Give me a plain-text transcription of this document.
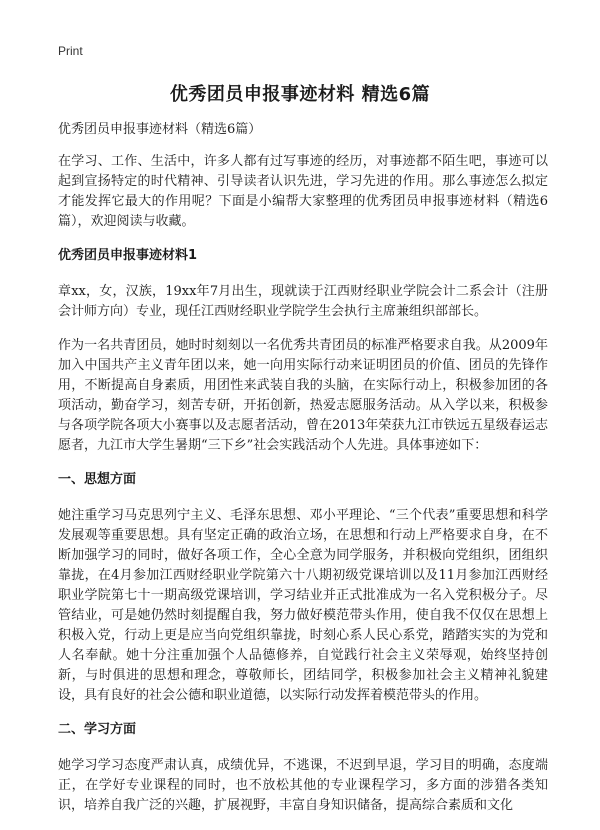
Print
优秀团员申报事迹材料 精选6篇

优秀团员申报事迹材料（精选6篇）

在学习、工作、生活中，许多人都有过写事迹的经历，对事迹都不陌生吧，事迹可以起到宣扬特定的时代精神、引导读者认识先进，学习先进的作用。那么事迹怎么拟定才能发挥它最大的作用呢？下面是小编帮大家整理的优秀团员申报事迹材料（精选6篇），欢迎阅读与收藏。

优秀团员申报事迹材料1

章xx，女，汉族，19xx年7月出生，现就读于江西财经职业学院会计二系会计（注册会计师方向）专业，现任江西财经职业学院学生会执行主席兼组织部部长。

作为一名共青团员，她时时刻刻以一名优秀共青团员的标准严格要求自我。从2009年加入中国共产主义青年团以来，她一向用实际行动来证明团员的价值、团员的先锋作用，不断提高自身素质，用团性来武装自我的头脑，在实际行动上，积极参加团的各项活动，勤奋学习，刻苦专研，开拓创新，热爱志愿服务活动。从入学以来，积极参与各项学院各项大小赛事以及志愿者活动，曾在2013年荣获九江市铁远五星级春运志愿者，九江市大学生暑期“三下乡”社会实践活动个人先进。具体事迹如下：

一、思想方面

她注重学习马克思列宁主义、毛泽东思想、邓小平理论、“三个代表”重要思想和科学发展观等重要思想。具有坚定正确的政治立场，在思想和行动上严格要求自身，在不断加强学习的同时，做好各项工作，全心全意为同学服务，并积极向党组织，团组织靠拢，在4月参加江西财经职业学院第六十八期初级党课培训以及11月参加江西财经职业学院第七十一期高级党课培训，学习结业并正式批准成为一名入党积极分子。尽管结业，可是她仍然时刻提醒自我，努力做好模范带头作用，使自我不仅仅在思想上积极入党，行动上更是应当向党组织靠拢，时刻心系人民心系党，踏踏实实的为党和人名奉献。她十分注重加强个人品德修养，自觉践行社会主义荣辱观，始终坚持创新，与时俱进的思想和理念，尊敬师长，团结同学，积极参加社会主义精神礼貌建设，具有良好的社会公德和职业道德，以实际行动发挥着模范带头的作用。

二、学习方面

她学习学习态度严肃认真，成绩优异，不逃课，不迟到早退，学习目的明确，态度端正，在学好专业课程的同时，也不放松其他的专业课程学习，多方面的涉猎各类知识，培养自我广泛的兴趣，扩展视野，丰富自身知识储备，提高综合素质和文化
